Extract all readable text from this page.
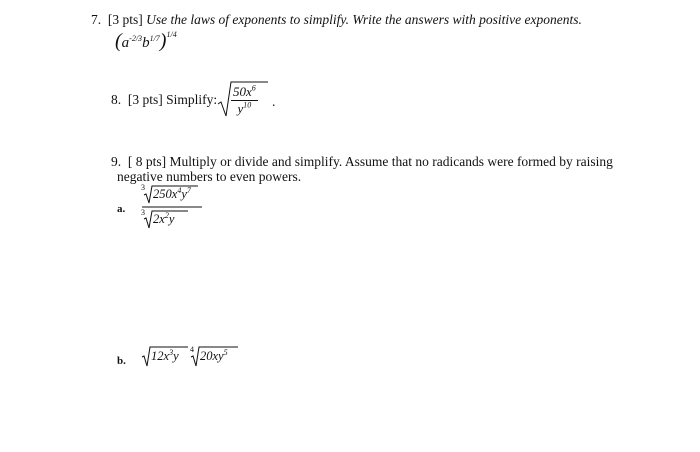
7. [3 pts] Use the laws of exponents to simplify. Write the answers with positive exponents.
$(a^{-2/3}b^{1/7})^{1/4}$
8. [3 pts] Simplify: $\frac{50x^6}{y^{10}}$ .
9. [ 8 pts] Multiply or divide and simplify. Assume that no radicands were formed by raising
negative numbers to even powers.
a.
3 $250x^4y^7$
3 $2x^2y$
b. $12x^3y$ 4 $20xy^5$
